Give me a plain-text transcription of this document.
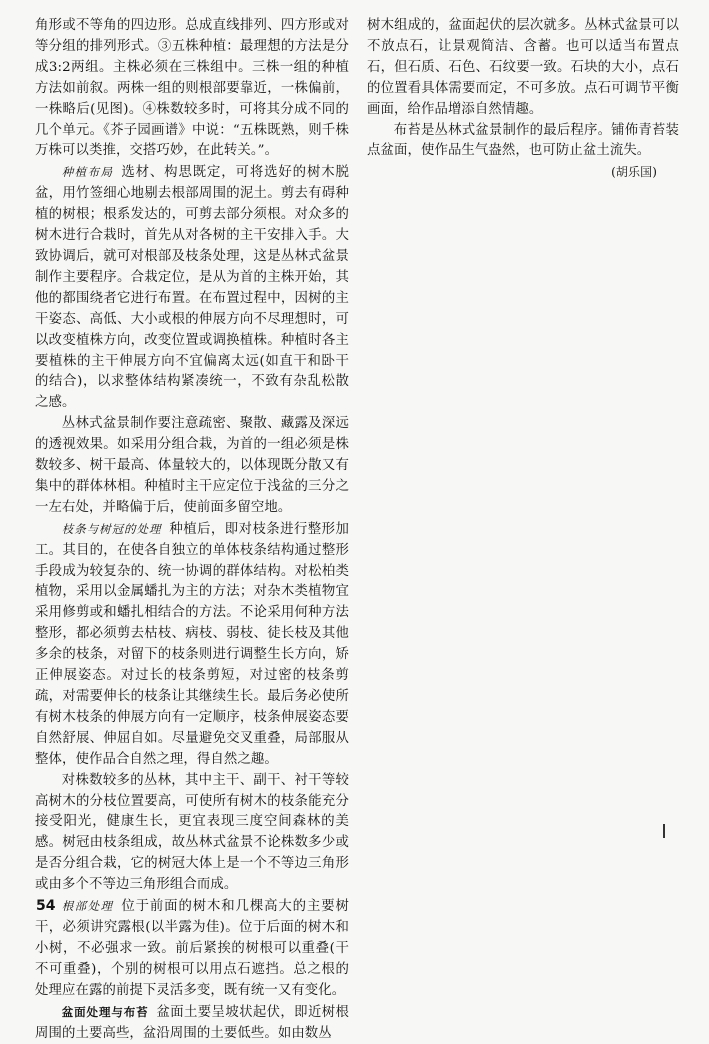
角形或不等角的四边形。总成直线排列、四方形或对等分组的排列形式。③五株种植：最理想的方法是分成3:2两组。主株必须在三株组中。三株一组的种植方法如前叙。两株一组的则根部要靠近，一株偏前，一株略后(见图)。④株数较多时，可将其分成不同的几个单元。《芥子园画谱》中说：“五株既熟，则千株万株可以类推，交搭巧妙，在此转关。”。

种植布局 选材、构思既定，可将选好的树木脱盆，用竹签细心地剔去根部周围的泥土。剪去有碍种植的树根；根系发达的，可剪去部分须根。对众多的树木进行合栽时，首先从对各树的主干安排入手。大致协调后，就可对根部及枝条处理，这是丛林式盆景制作主要程序。合栽定位，是从为首的主株开始，其他的都围绕者它进行布置。在布置过程中，因树的主干姿态、高低、大小或根的伸展方向不尽理想时，可以改变植株方向，改变位置或调换植株。种植时各主要植株的主干伸展方向不宜偏离太远(如直干和卧干的结合)，以求整体结构紧凑统一，不致有杂乱松散之感。

丛林式盆景制作要注意疏密、聚散、藏露及深远的透视效果。如采用分组合栽，为首的一组必须是株数较多、树干最高、体量较大的，以体现既分散又有集中的群体林相。种植时主干应定位于浅盆的三分之一左右处，并略偏于后，使前面多留空地。

枝条与树冠的处理 种植后，即对枝条进行整形加工。其目的，在使各自独立的单体枝条结构通过整形手段成为较复杂的、统一协调的群体结构。对松柏类植物，采用以金属蟠扎为主的方法；对杂木类植物宜采用修剪或和蟠扎相结合的方法。不论采用何种方法整形，都必须剪去枯枝、病枝、弱枝、徒长枝及其他多余的枝条，对留下的枝条则进行调整生长方向，矫正伸展姿态。对过长的枝条剪短，对过密的枝条剪疏，对需要伸长的枝条让其继续生长。最后务必使所有树木枝条的伸展方向有一定顺序，枝条伸展姿态要自然舒展、伸屈自如。尽量避免交叉重叠，局部服从整体，使作品合自然之理，得自然之趣。

对株数较多的丛林，其中主干、副干、衬干等较高树木的分枝位置要高，可使所有树木的枝条能充分接受阳光，健康生长，更宜表现三度空间森林的美感。树冠由枝条组成，故丛林式盆景不论株数多少或是否分组合栽，它的树冠大体上是一个不等边三角形或由多个不等边三角形组合而成。

根部处理 位于前面的树木和几棵高大的主要树干，必须讲究露根(以半露为佳)。位于后面的树木和小树，不必强求一致。前后紧挨的树根可以重叠(干不可重叠)，个别的树根可以用点石遮挡。总之根的处理应在露的前提下灵活多变，既有统一又有变化。

盆面处理与布苔 盆面土要呈坡状起伏，即近树根周围的土要高些，盆沿周围的土要低些。如由数丛

树木组成的，盆面起伏的层次就多。丛林式盆景可以不放点石，让景观简洁、含蓄。也可以适当布置点石，但石质、石色、石纹要一致。石块的大小，点石的位置看具体需要而定，不可多放。点石可调节平衡画面，给作品增添自然情趣。

布苔是丛林式盆景制作的最后程序。铺佈青苔装点盆面，使作品生气盎然，也可防止盆土流失。

(胡乐国)

54
